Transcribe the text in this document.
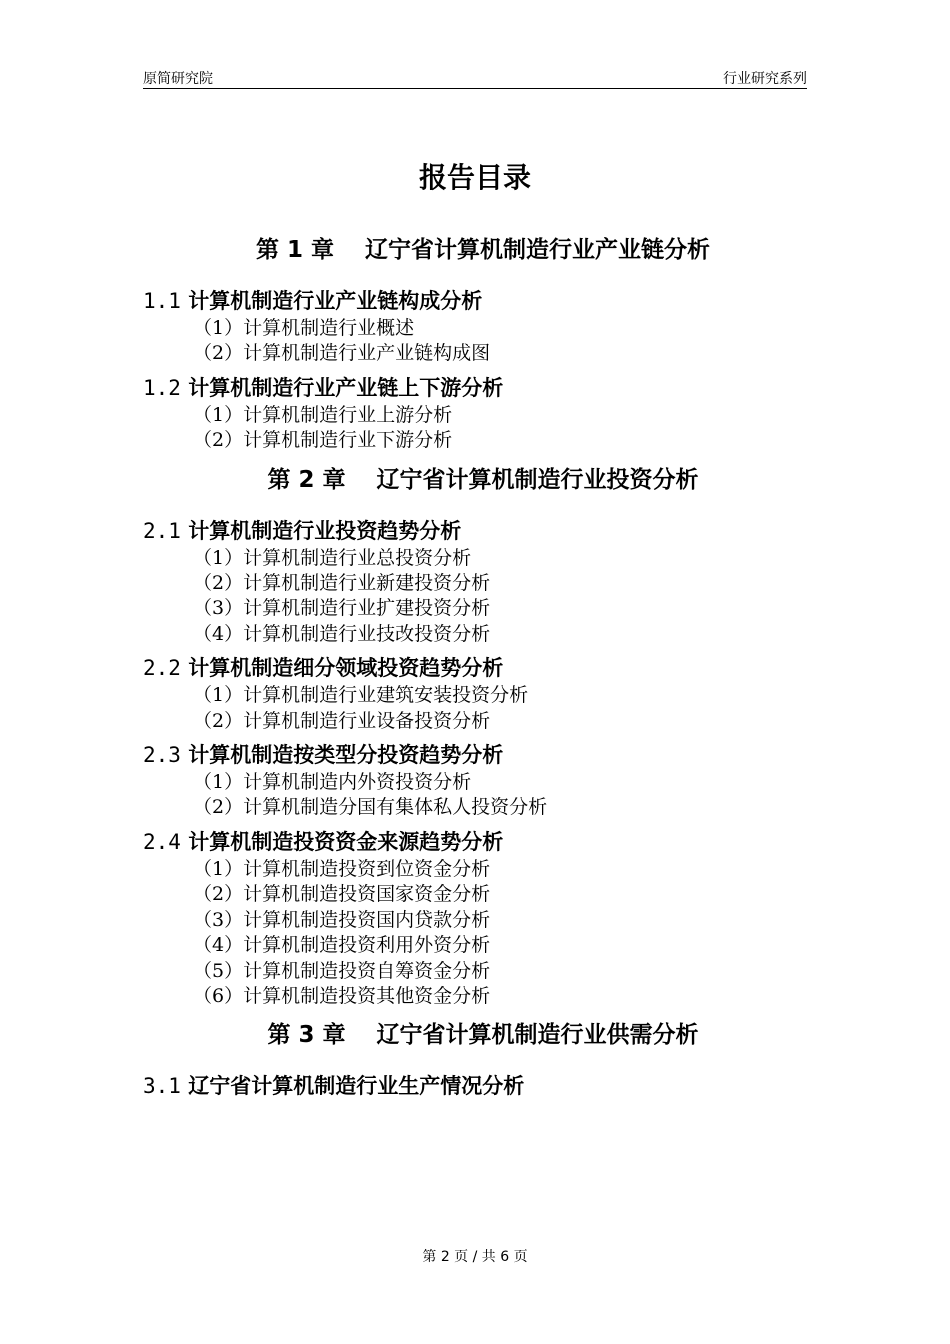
原简研究院	行业研究系列
报告目录
第 1 章　 辽宁省计算机制造行业产业链分析
1.1 计算机制造行业产业链构成分析
（1）计算机制造行业概述
（2）计算机制造行业产业链构成图
1.2 计算机制造行业产业链上下游分析
（1）计算机制造行业上游分析
（2）计算机制造行业下游分析
第 2 章　 辽宁省计算机制造行业投资分析
2.1 计算机制造行业投资趋势分析
（1）计算机制造行业总投资分析
（2）计算机制造行业新建投资分析
（3）计算机制造行业扩建投资分析
（4）计算机制造行业技改投资分析
2.2 计算机制造细分领域投资趋势分析
（1）计算机制造行业建筑安装投资分析
（2）计算机制造行业设备投资分析
2.3 计算机制造按类型分投资趋势分析
（1）计算机制造内外资投资分析
（2）计算机制造分国有集体私人投资分析
2.4 计算机制造投资资金来源趋势分析
（1）计算机制造投资到位资金分析
（2）计算机制造投资国家资金分析
（3）计算机制造投资国内贷款分析
（4）计算机制造投资利用外资分析
（5）计算机制造投资自筹资金分析
（6）计算机制造投资其他资金分析
第 3 章　 辽宁省计算机制造行业供需分析
3.1 辽宁省计算机制造行业生产情况分析
第 2 页 / 共 6 页
